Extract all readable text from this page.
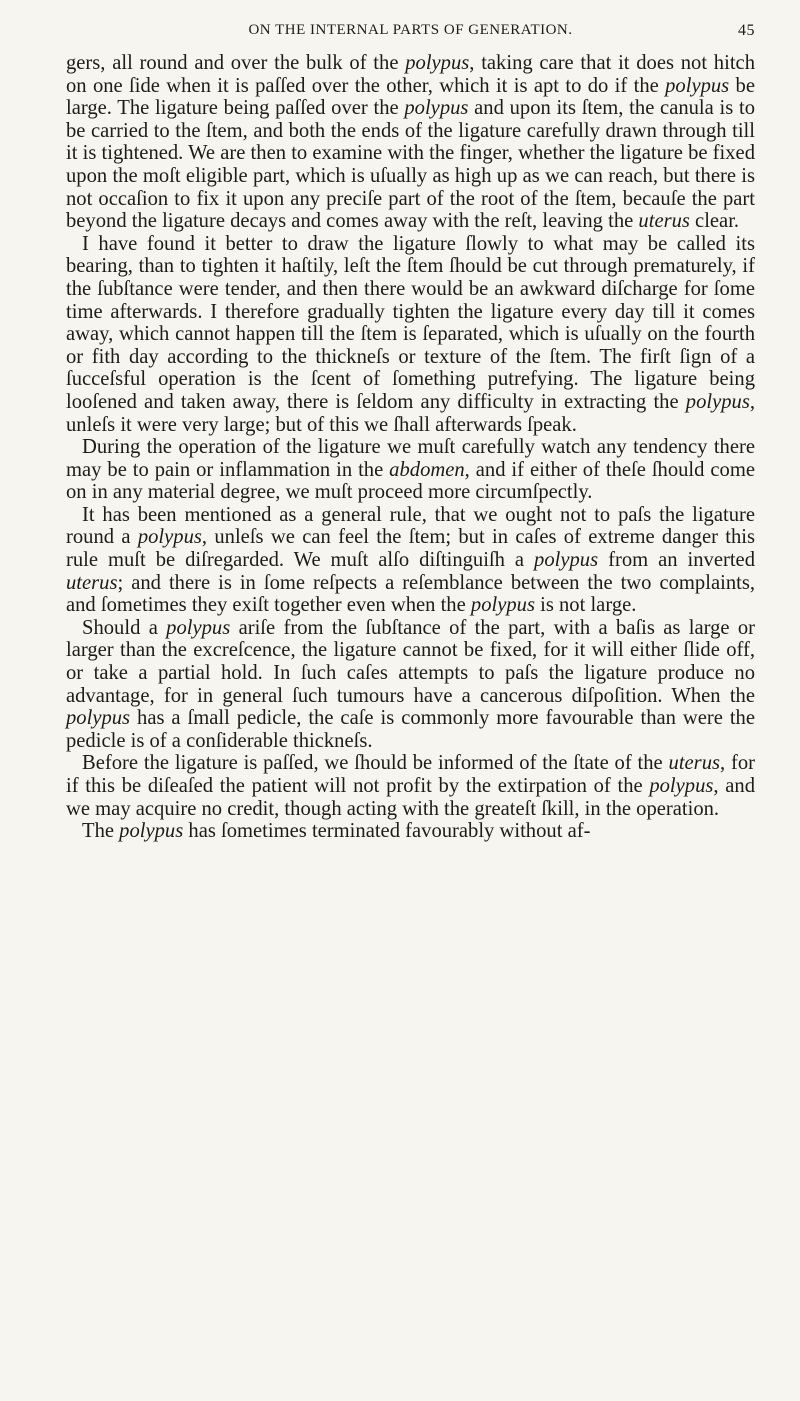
ON THE INTERNAL PARTS OF GENERATION.	45

gers, all round and over the bulk of the polypus, taking care that it does not hitch on one ſide when it is paſſed over the other, which it is apt to do if the polypus be large. The ligature being paſſed over the polypus and upon its ſtem, the canula is to be carried to the ſtem, and both the ends of the ligature carefully drawn through till it is tightened. We are then to examine with the finger, whether the ligature be fixed upon the moſt eligible part, which is uſually as high up as we can reach, but there is not occaſion to fix it upon any preciſe part of the root of the ſtem, becauſe the part beyond the ligature decays and comes away with the reſt, leaving the uterus clear.

I have found it better to draw the ligature ſlowly to what may be called its bearing, than to tighten it haſtily, leſt the ſtem ſhould be cut through prematurely, if the ſubſtance were tender, and then there would be an awkward diſcharge for ſome time afterwards. I therefore gradually tighten the ligature every day till it comes away, which cannot happen till the ſtem is ſeparated, which is uſually on the fourth or fith day according to the thickneſs or texture of the ſtem. The firſt ſign of a ſucceſsful operation is the ſcent of ſomething putrefying. The ligature being looſened and taken away, there is ſeldom any difficulty in extracting the polypus, unleſs it were very large; but of this we ſhall afterwards ſpeak.

During the operation of the ligature we muſt carefully watch any tendency there may be to pain or inflammation in the abdomen, and if either of theſe ſhould come on in any material degree, we muſt proceed more circumſpectly.

It has been mentioned as a general rule, that we ought not to paſs the ligature round a polypus, unleſs we can feel the ſtem; but in caſes of extreme danger this rule muſt be diſregarded. We muſt alſo diſtinguiſh a polypus from an inverted uterus; and there is in ſome reſpects a reſemblance between the two complaints, and ſometimes they exiſt together even when the polypus is not large.

Should a polypus ariſe from the ſubſtance of the part, with a baſis as large or larger than the excreſcence, the ligature cannot be fixed, for it will either ſlide off, or take a partial hold. In ſuch caſes attempts to paſs the ligature produce no advantage, for in general ſuch tumours have a cancerous diſpoſition. When the polypus has a ſmall pedicle, the caſe is commonly more favourable than were the pedicle is of a conſiderable thickneſs.

Before the ligature is paſſed, we ſhould be informed of the ſtate of the uterus, for if this be diſeaſed the patient will not profit by the extirpation of the polypus, and we may acquire no credit, though acting with the greateſt ſkill, in the operation.

The polypus has ſometimes terminated favourably without af-
